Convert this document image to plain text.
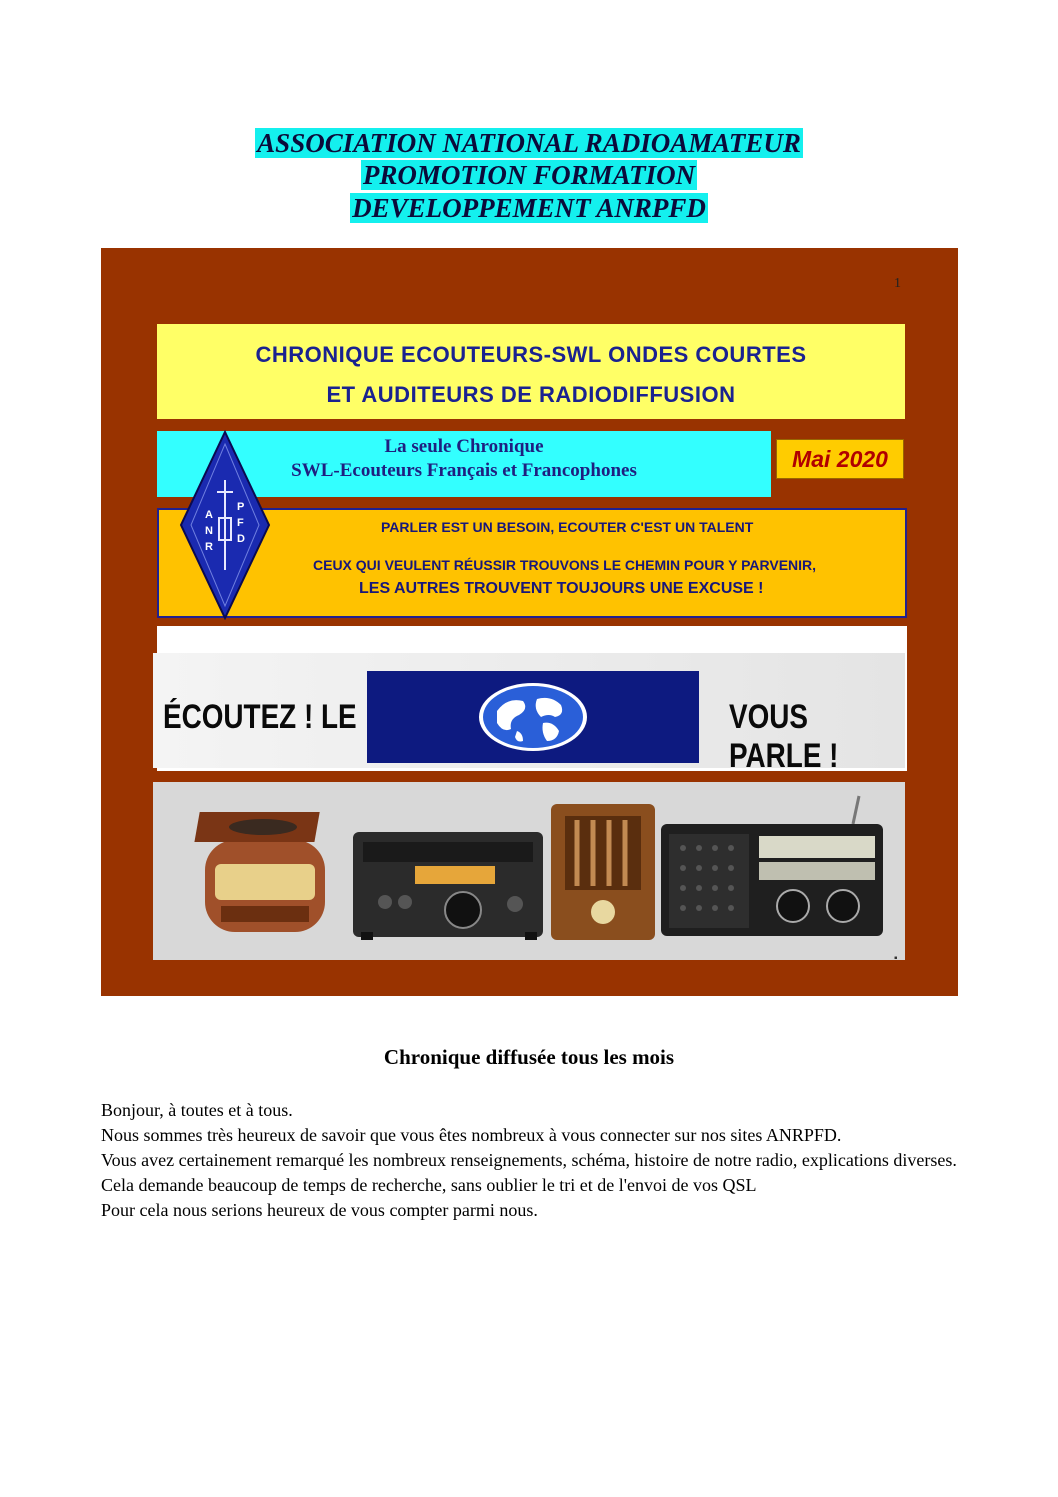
ASSOCIATION NATIONAL RADIOAMATEUR
PROMOTION FORMATION
DEVELOPPEMENT ANRPFD
1
CHRONIQUE ECOUTEURS-SWL ONDES COURTES
ET AUDITEURS DE RADIODIFFUSION
La seule Chronique
SWL-Ecouteurs Français et Francophones	Mai 2020
PARLER EST UN BESOIN, ECOUTER C'EST UN TALENT
CEUX QUI VEULENT RÉUSSIR TROUVONS LE CHEMIN POUR Y PARVENIR,
LES AUTRES TROUVENT TOUJOURS UNE EXCUSE !
A
N
R
P
F
D
ÉCOUTEZ ! LE	VOUS PARLE !
▪
Chronique diffusée tous les mois

Bonjour, à toutes et à tous.

Nous sommes très heureux de savoir que vous êtes nombreux à vous connecter sur nos sites ANRPFD.

Vous avez certainement remarqué les nombreux renseignements, schéma, histoire de notre radio, explications diverses.

Cela demande beaucoup de temps de recherche, sans oublier le tri et de l'envoi de vos QSL

Pour cela nous serions heureux de vous compter parmi nous.
